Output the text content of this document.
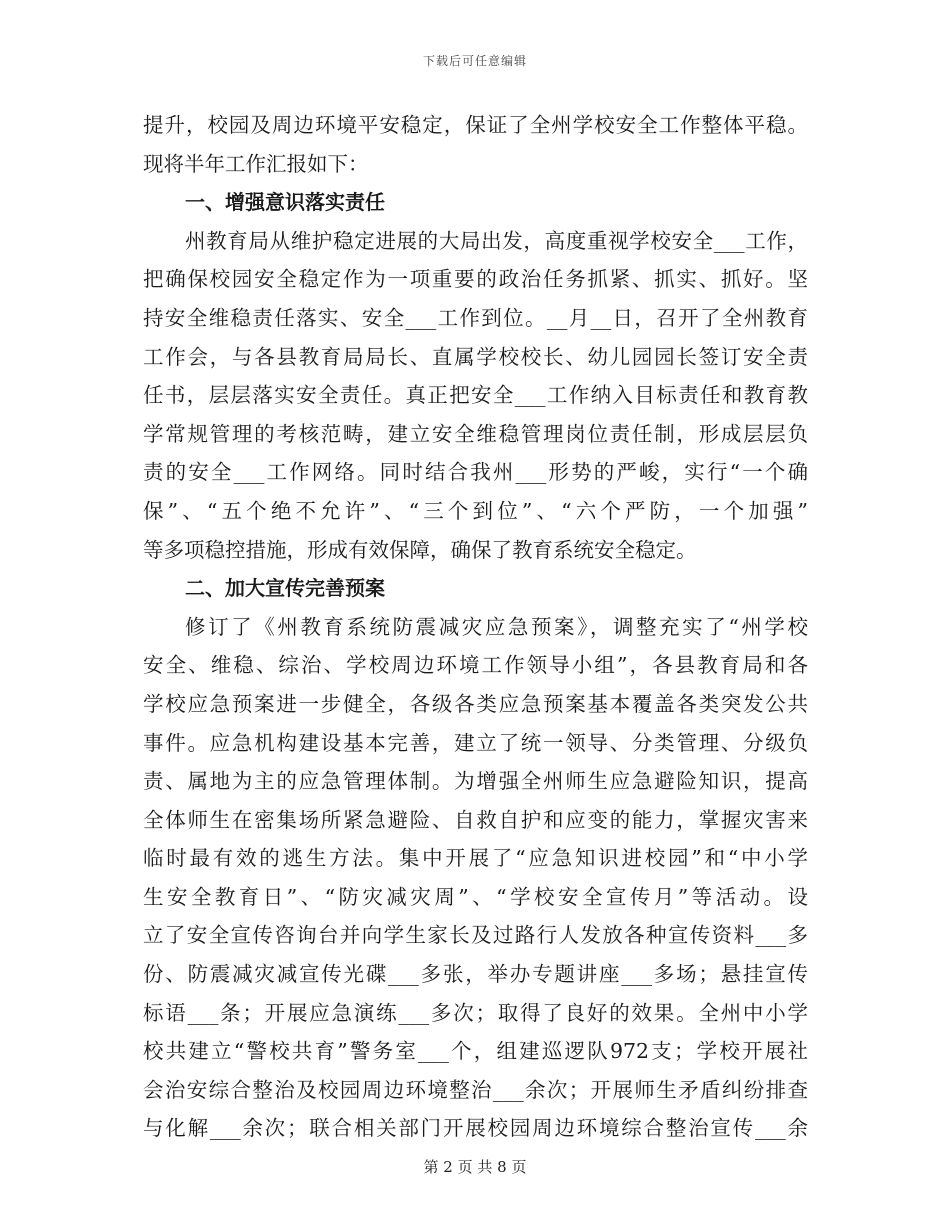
下载后可任意编辑
提升，校园及周边环境平安稳定，保证了全州学校安全工作整体平稳。
现将半年工作汇报如下：
一、增强意识落实责任
州教育局从维护稳定进展的大局出发，高度重视学校安全___工作，
把确保校园安全稳定作为一项重要的政治任务抓紧、抓实、抓好。坚
持安全维稳责任落实、安全___工作到位。__月__日，召开了全州教育
工作会，与各县教育局局长、直属学校校长、幼儿园园长签订安全责
任书，层层落实安全责任。真正把安全___工作纳入目标责任和教育教
学常规管理的考核范畴，建立安全维稳管理岗位责任制，形成层层负
责的安全___工作网络。同时结合我州___形势的严峻，实行“一个确
保”、“五个绝不允许”、“三个到位”、“六个严防，一个加强”
等多项稳控措施，形成有效保障，确保了教育系统安全稳定。
二、加大宣传完善预案
修订了《州教育系统防震减灾应急预案》，调整充实了“州学校
安全、维稳、综治、学校周边环境工作领导小组”，各县教育局和各
学校应急预案进一步健全，各级各类应急预案基本覆盖各类突发公共
事件。应急机构建设基本完善，建立了统一领导、分类管理、分级负
责、属地为主的应急管理体制。为增强全州师生应急避险知识，提高
全体师生在密集场所紧急避险、自救自护和应变的能力，掌握灾害来
临时最有效的逃生方法。集中开展了“应急知识进校园”和“中小学
生安全教育日”、“防灾减灾周”、“学校安全宣传月”等活动。设
立了安全宣传咨询台并向学生家长及过路行人发放各种宣传资料___多
份、防震减灾减宣传光碟___多张，举办专题讲座___多场；悬挂宣传
标语___条；开展应急演练___多次；取得了良好的效果。全州中小学
校共建立“警校共育”警务室___个，组建巡逻队972支；学校开展社
会治安综合整治及校园周边环境整治___余次；开展师生矛盾纠纷排查
与化解___余次；联合相关部门开展校园周边环境综合整治宣传___余
第 2 页 共 8 页
